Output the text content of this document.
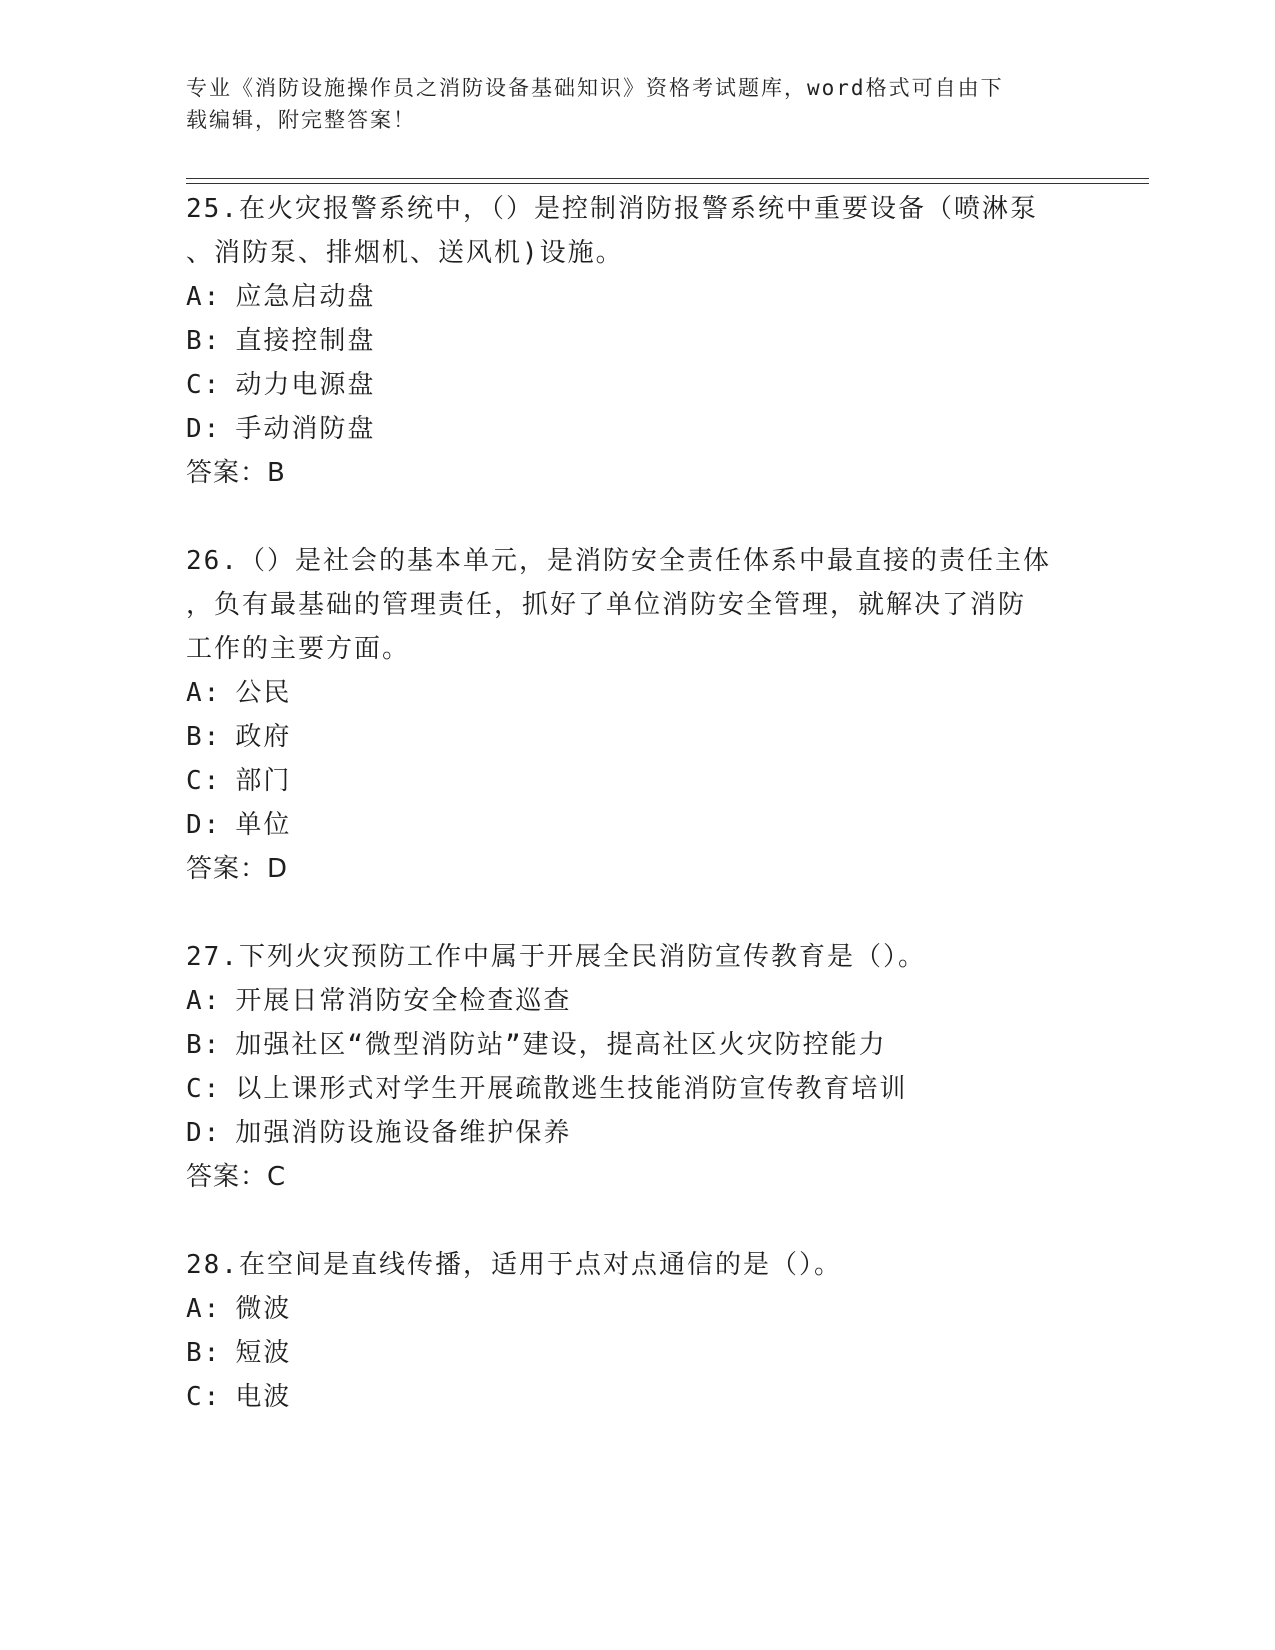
专业《消防设施操作员之消防设备基础知识》资格考试题库，word格式可自由下
载编辑，附完整答案！
25.在火灾报警系统中，（）是控制消防报警系统中重要设备（喷淋泵
、消防泵、排烟机、送风机)设施。
A: 应急启动盘
B: 直接控制盘
C: 动力电源盘
D: 手动消防盘
答案：B
26.（）是社会的基本单元，是消防安全责任体系中最直接的责任主体
，负有最基础的管理责任，抓好了单位消防安全管理，就解决了消防
工作的主要方面。
A: 公民
B: 政府
C: 部门
D: 单位
答案：D
27.下列火灾预防工作中属于开展全民消防宣传教育是（）。
A: 开展日常消防安全检查巡查
B: 加强社区“微型消防站”建设，提高社区火灾防控能力
C: 以上课形式对学生开展疏散逃生技能消防宣传教育培训
D: 加强消防设施设备维护保养
答案：C
28.在空间是直线传播，适用于点对点通信的是（）。
A: 微波
B: 短波
C: 电波
